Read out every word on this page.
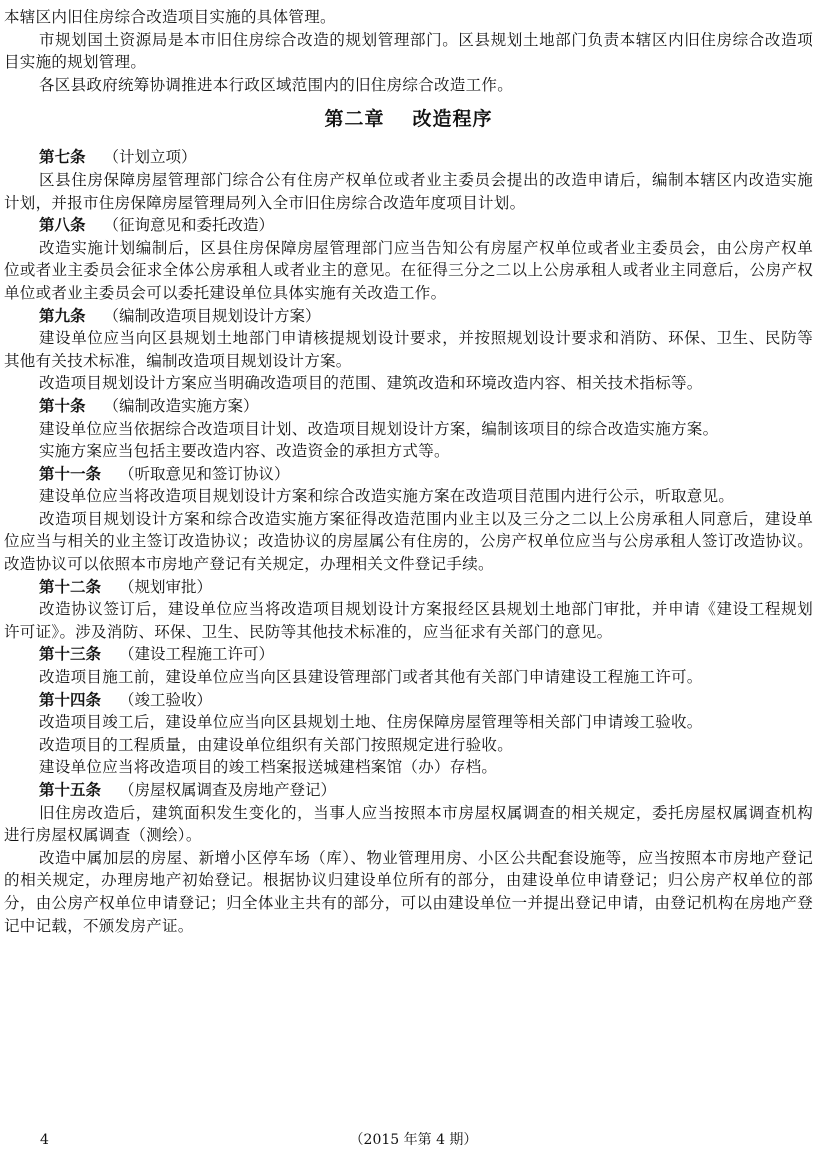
本辖区内旧住房综合改造项目实施的具体管理。

市规划国土资源局是本市旧住房综合改造的规划管理部门。区县规划土地部门负责本辖区内旧住房综合改造项目实施的规划管理。

各区县政府统筹协调推进本行政区域范围内的旧住房综合改造工作。

第二章 改造程序
第七条 （计划立项）

区县住房保障房屋管理部门综合公有住房产权单位或者业主委员会提出的改造申请后，编制本辖区内改造实施计划，并报市住房保障房屋管理局列入全市旧住房综合改造年度项目计划。

第八条 （征询意见和委托改造）

改造实施计划编制后，区县住房保障房屋管理部门应当告知公有房屋产权单位或者业主委员会，由公房产权单位或者业主委员会征求全体公房承租人或者业主的意见。在征得三分之二以上公房承租人或者业主同意后，公房产权单位或者业主委员会可以委托建设单位具体实施有关改造工作。

第九条 （编制改造项目规划设计方案）

建设单位应当向区县规划土地部门申请核提规划设计要求，并按照规划设计要求和消防、环保、卫生、民防等其他有关技术标准，编制改造项目规划设计方案。

改造项目规划设计方案应当明确改造项目的范围、建筑改造和环境改造内容、相关技术指标等。

第十条 （编制改造实施方案）

建设单位应当依据综合改造项目计划、改造项目规划设计方案，编制该项目的综合改造实施方案。

实施方案应当包括主要改造内容、改造资金的承担方式等。

第十一条 （听取意见和签订协议）

建设单位应当将改造项目规划设计方案和综合改造实施方案在改造项目范围内进行公示，听取意见。

改造项目规划设计方案和综合改造实施方案征得改造范围内业主以及三分之二以上公房承租人同意后，建设单位应当与相关的业主签订改造协议；改造协议的房屋属公有住房的，公房产权单位应当与公房承租人签订改造协议。改造协议可以依照本市房地产登记有关规定，办理相关文件登记手续。

第十二条 （规划审批）

改造协议签订后，建设单位应当将改造项目规划设计方案报经区县规划土地部门审批，并申请《建设工程规划许可证》。涉及消防、环保、卫生、民防等其他技术标准的，应当征求有关部门的意见。

第十三条 （建设工程施工许可）

改造项目施工前，建设单位应当向区县建设管理部门或者其他有关部门申请建设工程施工许可。

第十四条 （竣工验收）

改造项目竣工后，建设单位应当向区县规划土地、住房保障房屋管理等相关部门申请竣工验收。

改造项目的工程质量，由建设单位组织有关部门按照规定进行验收。

建设单位应当将改造项目的竣工档案报送城建档案馆（办）存档。

第十五条 （房屋权属调查及房地产登记）

旧住房改造后，建筑面积发生变化的，当事人应当按照本市房屋权属调查的相关规定，委托房屋权属调查机构进行房屋权属调查（测绘）。

改造中属加层的房屋、新增小区停车场（库）、物业管理用房、小区公共配套设施等，应当按照本市房地产登记的相关规定，办理房地产初始登记。根据协议归建设单位所有的部分，由建设单位申请登记；归公房产权单位的部分，由公房产权单位申请登记；归全体业主共有的部分，可以由建设单位一并提出登记申请，由登记机构在房地产登记中记载，不颁发房产证。

4	（2015 年第 4 期）
